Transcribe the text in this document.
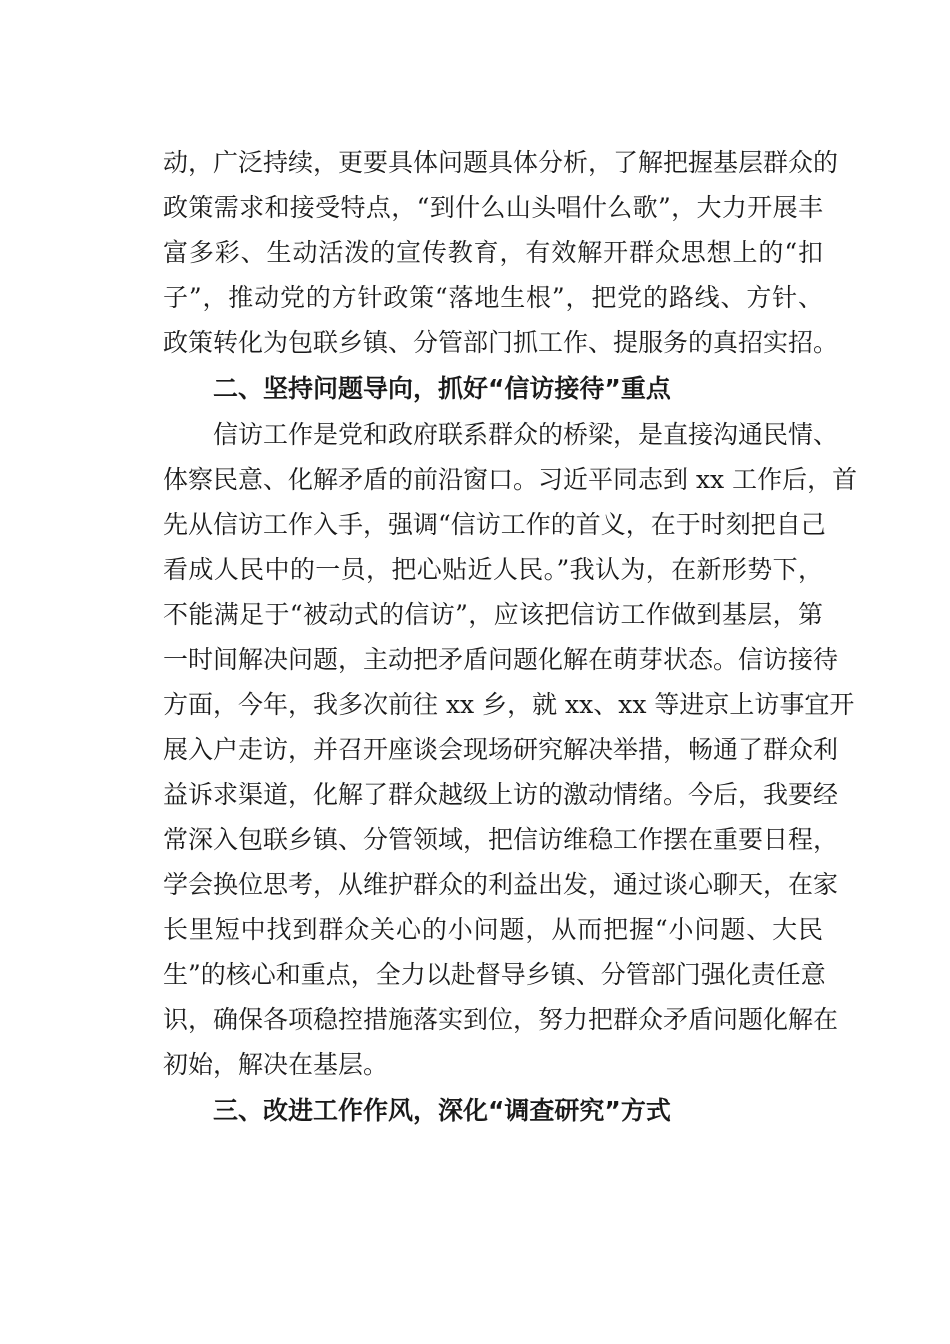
动，广泛持续，更要具体问题具体分析，了解把握基层群众的
政策需求和接受特点，“到什么山头唱什么歌”，大力开展丰
富多彩、生动活泼的宣传教育，有效解开群众思想上的“扣
子”，推动党的方针政策“落地生根”，把党的路线、方针、
政策转化为包联乡镇、分管部门抓工作、提服务的真招实招。
二、坚持问题导向，抓好“信访接待”重点
信访工作是党和政府联系群众的桥梁，是直接沟通民情、
体察民意、化解矛盾的前沿窗口。习近平同志到 xx 工作后，首
先从信访工作入手，强调“信访工作的首义，在于时刻把自己
看成人民中的一员，把心贴近人民。”我认为，在新形势下，
不能满足于“被动式的信访”，应该把信访工作做到基层，第
一时间解决问题，主动把矛盾问题化解在萌芽状态。信访接待
方面，今年，我多次前往 xx 乡，就 xx、xx 等进京上访事宜开
展入户走访，并召开座谈会现场研究解决举措，畅通了群众利
益诉求渠道，化解了群众越级上访的激动情绪。今后，我要经
常深入包联乡镇、分管领域，把信访维稳工作摆在重要日程，
学会换位思考，从维护群众的利益出发，通过谈心聊天，在家
长里短中找到群众关心的小问题，从而把握“小问题、大民
生”的核心和重点，全力以赴督导乡镇、分管部门强化责任意
识，确保各项稳控措施落实到位，努力把群众矛盾问题化解在
初始，解决在基层。
三、改进工作作风，深化“调查研究”方式
